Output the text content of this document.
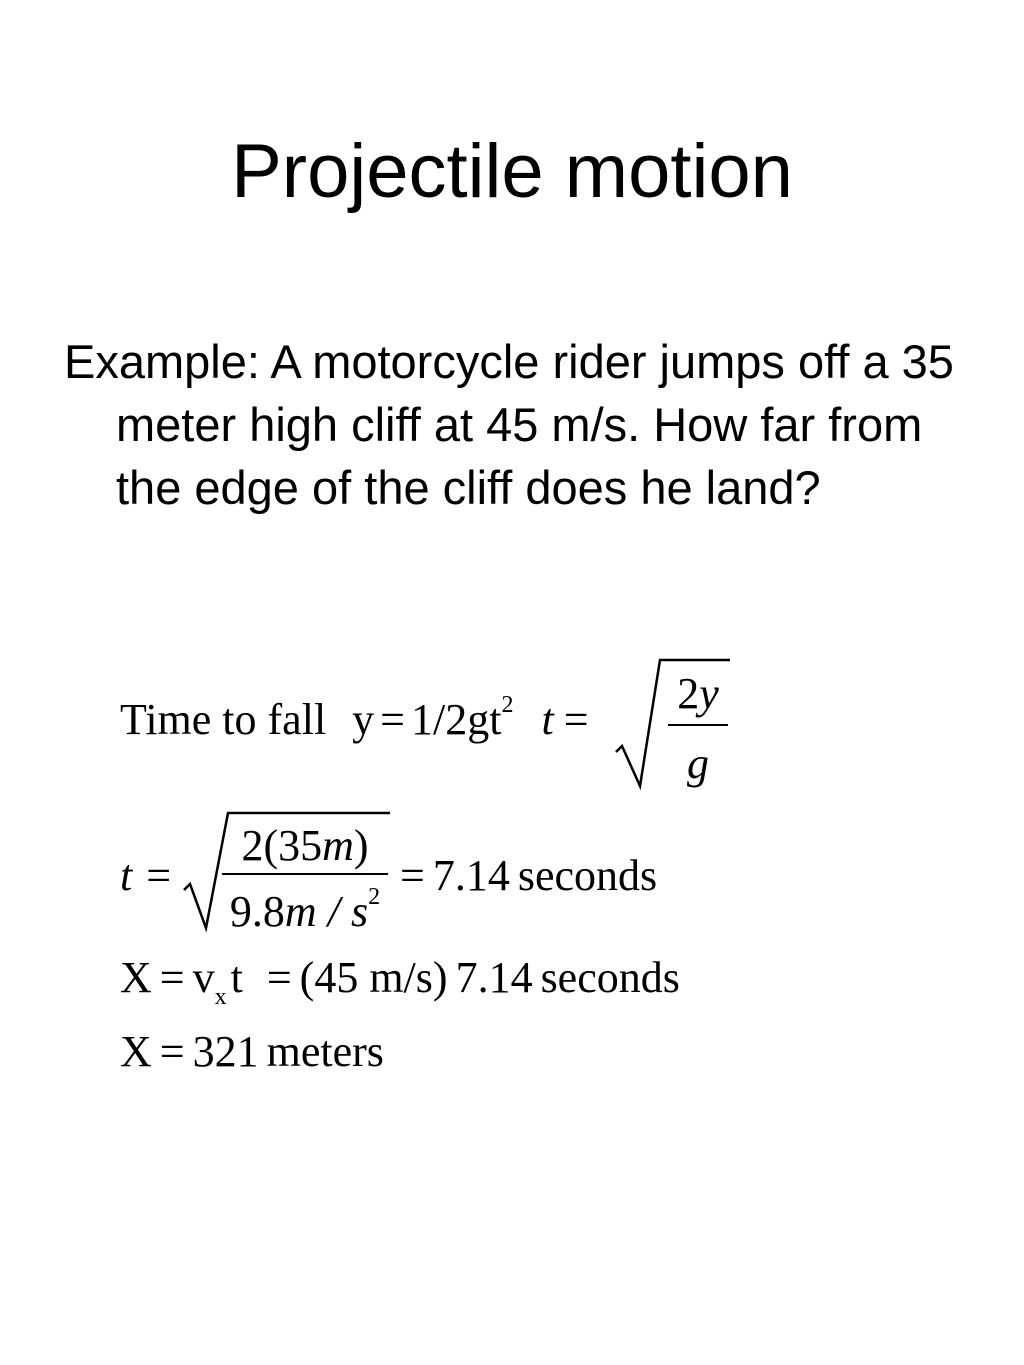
Projectile motion

Example: A motorcycle rider jumps off a 35 meter high cliff at 45 m/s. How far from the edge of the cliff does he land?

Time to fall $y = 1/2gt^2$ t =
2y
g
t =
2(35m)
$9.8m / s^2 = 7.14$ seconds
$X = v_xt = (45$ m/s) 7.14 seconds
X = 321 meters
